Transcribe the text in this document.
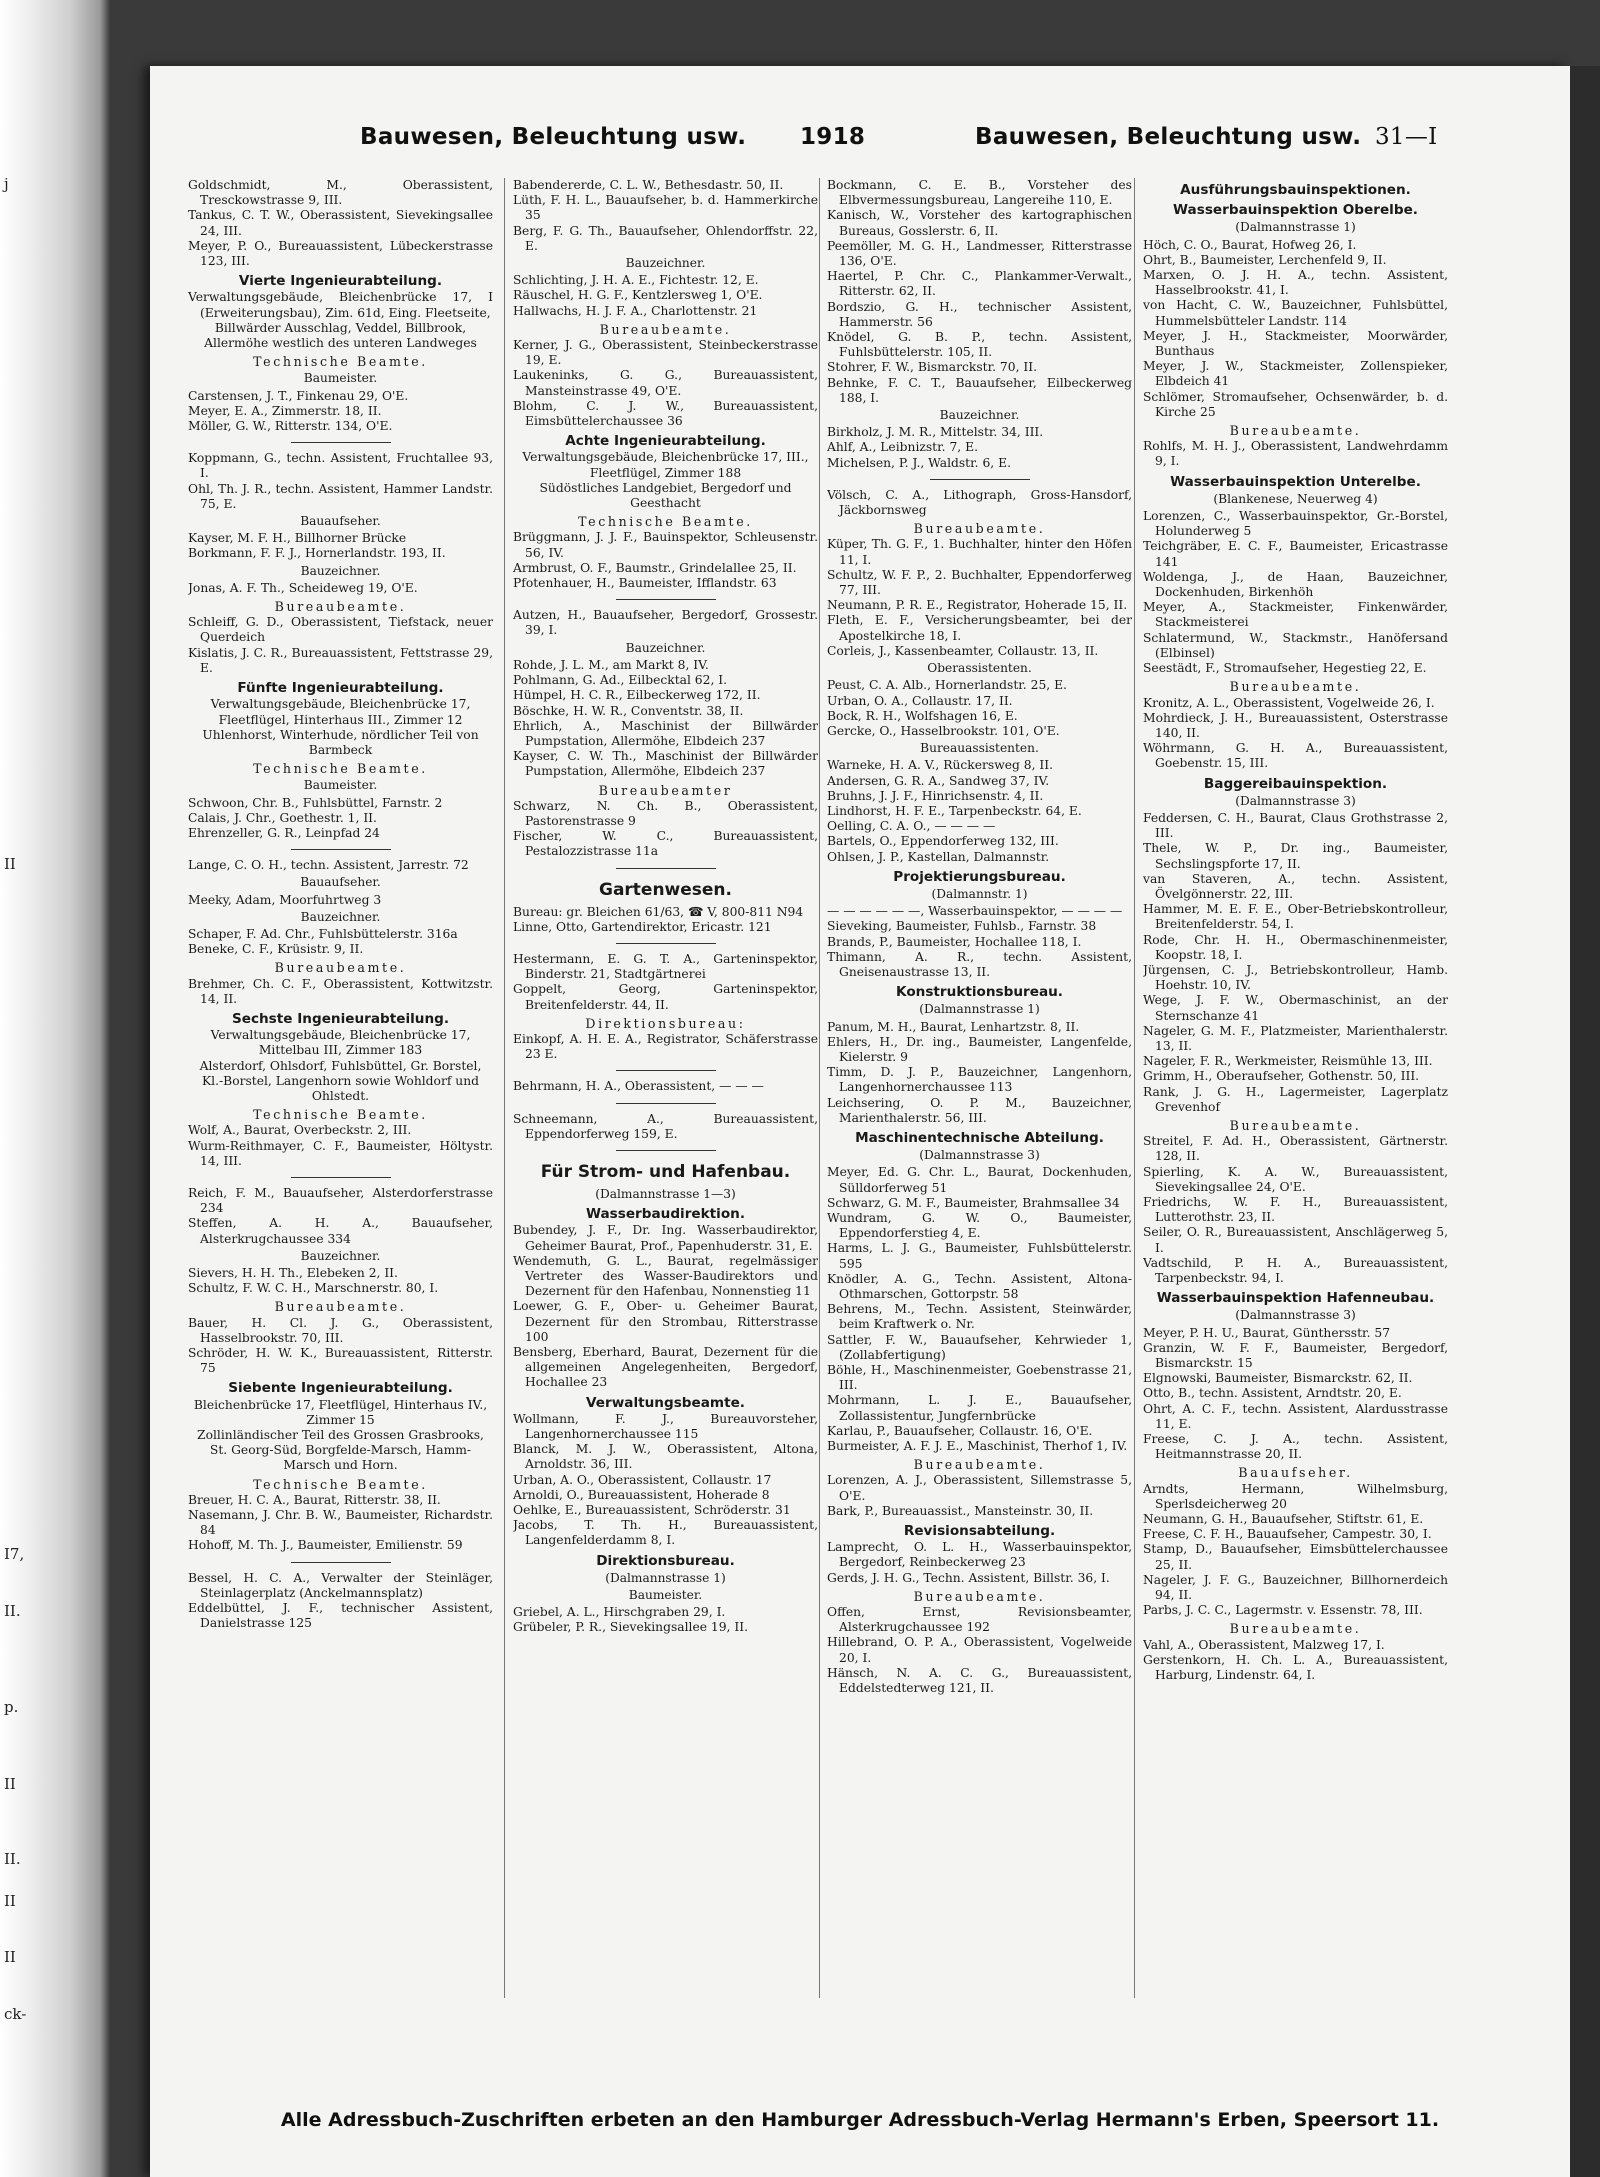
j
II
I7,
II.
p.
II
II.
II
II
ck-
Bauwesen, Beleuchtung usw. 1918	Bauwesen, Beleuchtung usw. 31—I
Goldschmidt, M., Oberassistent, Tresckowstrasse 9, III.
Tankus, C. T. W., Oberassistent, Sievekingsallee 24, III.
Meyer, P. O., Bureauassistent, Lübeckerstrasse 123, III.
Vierte Ingenieurabteilung.
Verwaltungsgebäude, Bleichenbrücke 17, I (Erweiterungsbau), Zim. 61d, Eing. Fleetseite,
Billwärder Ausschlag, Veddel, Billbrook, Allermöhe westlich des unteren Landweges
Technische Beamte.
Baumeister.
Carstensen, J. T., Finkenau 29, O'E.
Meyer, E. A., Zimmerstr. 18, II.
Möller, G. W., Ritterstr. 134, O'E.
Koppmann, G., techn. Assistent, Fruchtallee 93, I.
Ohl, Th. J. R., techn. Assistent, Hammer Landstr. 75, E.
Bauaufseher.
Kayser, M. F. H., Billhorner Brücke
Borkmann, F. F. J., Hornerlandstr. 193, II.
Bauzeichner.
Jonas, A. F. Th., Scheideweg 19, O'E.
Bureaubeamte.
Schleiff, G. D., Oberassistent, Tiefstack, neuer Querdeich
Kislatis, J. C. R., Bureauassistent, Fettstrasse 29, E.
Fünfte Ingenieurabteilung.
Verwaltungsgebäude, Bleichenbrücke 17, Fleetflügel, Hinterhaus III., Zimmer 12
Uhlenhorst, Winterhude, nördlicher Teil von Barmbeck
Technische Beamte.
Baumeister.
Schwoon, Chr. B., Fuhlsbüttel, Farnstr. 2
Calais, J. Chr., Goethestr. 1, II.
Ehrenzeller, G. R., Leinpfad 24
Lange, C. O. H., techn. Assistent, Jarrestr. 72
Bauaufseher.
Meeky, Adam, Moorfuhrtweg 3
Bauzeichner.
Schaper, F. Ad. Chr., Fuhlsbüttelerstr. 316a
Beneke, C. F., Krüsistr. 9, II.
Bureaubeamte.
Brehmer, Ch. C. F., Oberassistent, Kottwitzstr. 14, II.
Sechste Ingenieurabteilung.
Verwaltungsgebäude, Bleichenbrücke 17, Mittelbau III, Zimmer 183
Alsterdorf, Ohlsdorf, Fuhlsbüttel, Gr. Borstel, Kl.-Borstel, Langenhorn sowie Wohldorf und Ohlstedt.
Technische Beamte.
Wolf, A., Baurat, Overbeckstr. 2, III.
Wurm-Reithmayer, C. F., Baumeister, Höltystr. 14, III.
Reich, F. M., Bauaufseher, Alsterdorferstrasse 234
Steffen, A. H. A., Bauaufseher, Alsterkrugchaussee 334
Bauzeichner.
Sievers, H. H. Th., Elebeken 2, II.
Schultz, F. W. C. H., Marschnerstr. 80, I.
Bureaubeamte.
Bauer, H. Cl. J. G., Oberassistent, Hasselbrookstr. 70, III.
Schröder, H. W. K., Bureauassistent, Ritterstr. 75
Siebente Ingenieurabteilung.
Bleichenbrücke 17, Fleetflügel, Hinterhaus IV., Zimmer 15
Zollinländischer Teil des Grossen Grasbrooks, St. Georg-Süd, Borgfelde-Marsch, Hamm-Marsch und Horn.
Technische Beamte.
Breuer, H. C. A., Baurat, Ritterstr. 38, II.
Nasemann, J. Chr. B. W., Baumeister, Richardstr. 84
Hohoff, M. Th. J., Baumeister, Emilienstr. 59
Bessel, H. C. A., Verwalter der Steinläger, Steinlagerplatz (Anckelmannsplatz)
Eddelbüttel, J. F., technischer Assistent, Danielstrasse 125
Babendererde, C. L. W., Bethesdastr. 50, II.
Lüth, F. H. L., Bauaufseher, b. d. Hammerkirche 35
Berg, F. G. Th., Bauaufseher, Ohlendorffstr. 22, E.
Bauzeichner.
Schlichting, J. H. A. E., Fichtestr. 12, E.
Räuschel, H. G. F., Kentzlersweg 1, O'E.
Hallwachs, H. J. F. A., Charlottenstr. 21
Bureaubeamte.
Kerner, J. G., Oberassistent, Steinbeckerstrasse 19, E.
Laukeninks, G. G., Bureauassistent, Mansteinstrasse 49, O'E.
Blohm, C. J. W., Bureauassistent, Eimsbüttelerchaussee 36
Achte Ingenieurabteilung.
Verwaltungsgebäude, Bleichenbrücke 17, III., Fleetflügel, Zimmer 188
Südöstliches Landgebiet, Bergedorf und Geesthacht
Technische Beamte.
Brüggmann, J. J. F., Bauinspektor, Schleusenstr. 56, IV.
Armbrust, O. F., Baumstr., Grindelallee 25, II.
Pfotenhauer, H., Baumeister, Ifflandstr. 63
Autzen, H., Bauaufseher, Bergedorf, Grossestr. 39, I.
Bauzeichner.
Rohde, J. L. M., am Markt 8, IV.
Pohlmann, G. Ad., Eilbecktal 62, I.
Hümpel, H. C. R., Eilbeckerweg 172, II.
Böschke, H. W. R., Conventstr. 38, II.
Ehrlich, A., Maschinist der Billwärder Pumpstation, Allermöhe, Elbdeich 237
Kayser, C. W. Th., Maschinist der Billwärder Pumpstation, Allermöhe, Elbdeich 237
Bureaubeamter
Schwarz, N. Ch. B., Oberassistent, Pastorenstrasse 9
Fischer, W. C., Bureauassistent, Pestalozzistrasse 11a
Gartenwesen.
Bureau: gr. Bleichen 61/63, ☎ V, 800-811 N94
Linne, Otto, Gartendirektor, Ericastr. 121
Hestermann, E. G. T. A., Garteninspektor, Binderstr. 21, Stadtgärtnerei
Goppelt, Georg, Garteninspektor, Breitenfelderstr. 44, II.
Direktionsbureau:
Einkopf, A. H. E. A., Registrator, Schäferstrasse 23 E.
Behrmann, H. A., Oberassistent, — — —
Schneemann, A., Bureauassistent, Eppendorferweg 159, E.
Für Strom- und Hafenbau.
(Dalmannstrasse 1—3)
Wasserbaudirektion.
Bubendey, J. F., Dr. Ing. Wasserbaudirektor, Geheimer Baurat, Prof., Papenhuderstr. 31, E.
Wendemuth, G. L., Baurat, regelmässiger Vertreter des Wasser-Baudirektors und Dezernent für den Hafenbau, Nonnenstieg 11
Loewer, G. F., Ober- u. Geheimer Baurat, Dezernent für den Strombau, Ritterstrasse 100
Bensberg, Eberhard, Baurat, Dezernent für die allgemeinen Angelegenheiten, Bergedorf, Hochallee 23
Verwaltungsbeamte.
Wollmann, F. J., Bureauvorsteher, Langenhornerchaussee 115
Blanck, M. J. W., Oberassistent, Altona, Arnoldstr. 36, III.
Urban, A. O., Oberassistent, Collaustr. 17
Arnoldi, O., Bureauassistent, Hoherade 8
Oehlke, E., Bureauassistent, Schröderstr. 31
Jacobs, T. Th. H., Bureauassistent, Langenfelderdamm 8, I.
Direktionsbureau.
(Dalmannstrasse 1)
Baumeister.
Griebel, A. L., Hirschgraben 29, I.
Grübeler, P. R., Sievekingsallee 19, II.
Bockmann, C. E. B., Vorsteher des Elbvermessungsbureau, Langereihe 110, E.
Kanisch, W., Vorsteher des kartographischen Bureaus, Gosslerstr. 6, II.
Peemöller, M. G. H., Landmesser, Ritterstrasse 136, O'E.
Haertel, P. Chr. C., Plankammer-Verwalt., Ritterstr. 62, II.
Bordszio, G. H., technischer Assistent, Hammerstr. 56
Knödel, G. B. P., techn. Assistent, Fuhlsbüttelerstr. 105, II.
Stohrer, F. W., Bismarckstr. 70, II.
Behnke, F. C. T., Bauaufseher, Eilbeckerweg 188, I.
Bauzeichner.
Birkholz, J. M. R., Mittelstr. 34, III.
Ahlf, A., Leibnizstr. 7, E.
Michelsen, P. J., Waldstr. 6, E.
Völsch, C. A., Lithograph, Gross-Hansdorf, Jäckbornsweg
Bureaubeamte.
Küper, Th. G. F., 1. Buchhalter, hinter den Höfen 11, I.
Schultz, W. F. P., 2. Buchhalter, Eppendorferweg 77, III.
Neumann, P. R. E., Registrator, Hoherade 15, II.
Fleth, E. F., Versicherungsbeamter, bei der Apostelkirche 18, I.
Corleis, J., Kassenbeamter, Collaustr. 13, II.
Oberassistenten.
Peust, C. A. Alb., Hornerlandstr. 25, E.
Urban, O. A., Collaustr. 17, II.
Bock, R. H., Wolfshagen 16, E.
Gercke, O., Hasselbrookstr. 101, O'E.
Bureauassistenten.
Warneke, H. A. V., Rückersweg 8, II.
Andersen, G. R. A., Sandweg 37, IV.
Bruhns, J. J. F., Hinrichsenstr. 4, II.
Lindhorst, H. F. E., Tarpenbeckstr. 64, E.
Oelling, C. A. O., — — — —
Bartels, O., Eppendorferweg 132, III.
Ohlsen, J. P., Kastellan, Dalmannstr.
Projektierungsbureau.
(Dalmannstr. 1)
— — — — — —, Wasserbauinspektor, — — — —
Sieveking, Baumeister, Fuhlsb., Farnstr. 38
Brands, P., Baumeister, Hochallee 118, I.
Thimann, A. R., techn. Assistent, Gneisenaustrasse 13, II.
Konstruktionsbureau.
(Dalmannstrasse 1)
Panum, M. H., Baurat, Lenhartzstr. 8, II.
Ehlers, H., Dr. ing., Baumeister, Langenfelde, Kielerstr. 9
Timm, D. J. P., Bauzeichner, Langenhorn, Langenhornerchaussee 113
Leichsering, O. P. M., Bauzeichner, Marienthalerstr. 56, III.
Maschinentechnische Abteilung.
(Dalmannstrasse 3)
Meyer, Ed. G. Chr. L., Baurat, Dockenhuden, Sülldorferweg 51
Schwarz, G. M. F., Baumeister, Brahmsallee 34
Wundram, G. W. O., Baumeister, Eppendorferstieg 4, E.
Harms, L. J. G., Baumeister, Fuhlsbüttelerstr. 595
Knödler, A. G., Techn. Assistent, Altona-Othmarschen, Gottorpstr. 58
Behrens, M., Techn. Assistent, Steinwärder, beim Kraftwerk o. Nr.
Sattler, F. W., Bauaufseher, Kehrwieder 1, (Zollabfertigung)
Böhle, H., Maschinenmeister, Goebenstrasse 21, III.
Mohrmann, L. J. E., Bauaufseher, Zollassistentur, Jungfernbrücke
Karlau, P., Bauaufseher, Collaustr. 16, O'E.
Burmeister, A. F. J. E., Maschinist, Therhof 1, IV.
Bureaubeamte.
Lorenzen, A. J., Oberassistent, Sillemstrasse 5, O'E.
Bark, P., Bureauassist., Mansteinstr. 30, II.
Revisionsabteilung.
Lamprecht, O. L. H., Wasserbauinspektor, Bergedorf, Reinbeckerweg 23
Gerds, J. H. G., Techn. Assistent, Billstr. 36, I.
Bureaubeamte.
Offen, Ernst, Revisionsbeamter, Alsterkrugchaussee 192
Hillebrand, O. P. A., Oberassistent, Vogelweide 20, I.
Hänsch, N. A. C. G., Bureauassistent, Eddelstedterweg 121, II.
Ausführungsbauinspektionen.
Wasserbauinspektion Oberelbe.
(Dalmannstrasse 1)
Höch, C. O., Baurat, Hofweg 26, I.
Ohrt, B., Baumeister, Lerchenfeld 9, II.
Marxen, O. J. H. A., techn. Assistent, Hasselbrookstr. 41, I.
von Hacht, C. W., Bauzeichner, Fuhlsbüttel, Hummelsbütteler Landstr. 114
Meyer, J. H., Stackmeister, Moorwärder, Bunthaus
Meyer, J. W., Stackmeister, Zollenspieker, Elbdeich 41
Schlömer, Stromaufseher, Ochsenwärder, b. d. Kirche 25
Bureaubeamte.
Rohlfs, M. H. J., Oberassistent, Landwehrdamm 9, I.
Wasserbauinspektion Unterelbe.
(Blankenese, Neuerweg 4)
Lorenzen, C., Wasserbauinspektor, Gr.-Borstel, Holunderweg 5
Teichgräber, E. C. F., Baumeister, Ericastrasse 141
Woldenga, J., de Haan, Bauzeichner, Dockenhuden, Birkenhöh
Meyer, A., Stackmeister, Finkenwärder, Stackmeisterei
Schlatermund, W., Stackmstr., Hanöfersand (Elbinsel)
Seestädt, F., Stromaufseher, Hegestieg 22, E.
Bureaubeamte.
Kronitz, A. L., Oberassistent, Vogelweide 26, I.
Mohrdieck, J. H., Bureauassistent, Osterstrasse 140, II.
Wöhrmann, G. H. A., Bureauassistent, Goebenstr. 15, III.
Baggereibauinspektion.
(Dalmannstrasse 3)
Feddersen, C. H., Baurat, Claus Grothstrasse 2, III.
Thele, W. P., Dr. ing., Baumeister, Sechslingspforte 17, II.
van Staveren, A., techn. Assistent, Övelgönnerstr. 22, III.
Hammer, M. E. F. E., Ober-Betriebskontrolleur, Breitenfelderstr. 54, I.
Rode, Chr. H. H., Obermaschinenmeister, Koopstr. 18, I.
Jürgensen, C. J., Betriebskontrolleur, Hamb. Hoehstr. 10, IV.
Wege, J. F. W., Obermaschinist, an der Sternschanze 41
Nageler, G. M. F., Platzmeister, Marienthalerstr. 13, II.
Nageler, F. R., Werkmeister, Reismühle 13, III.
Grimm, H., Oberaufseher, Gothenstr. 50, III.
Rank, J. G. H., Lagermeister, Lagerplatz Grevenhof
Bureaubeamte.
Streitel, F. Ad. H., Oberassistent, Gärtnerstr. 128, II.
Spierling, K. A. W., Bureauassistent, Sievekingsallee 24, O'E.
Friedrichs, W. F. H., Bureauassistent, Lutterothstr. 23, II.
Seiler, O. R., Bureauassistent, Anschlägerweg 5, I.
Vadtschild, P. H. A., Bureauassistent, Tarpenbeckstr. 94, I.
Wasserbauinspektion Hafenneubau.
(Dalmannstrasse 3)
Meyer, P. H. U., Baurat, Günthersstr. 57
Granzin, W. F. F., Baumeister, Bergedorf, Bismarckstr. 15
Elgnowski, Baumeister, Bismarckstr. 62, II.
Otto, B., techn. Assistent, Arndtstr. 20, E.
Ohrt, A. C. F., techn. Assistent, Alardusstrasse 11, E.
Freese, C. J. A., techn. Assistent, Heitmannstrasse 20, II.
Bauaufseher.
Arndts, Hermann, Wilhelmsburg, Sperlsdeicherweg 20
Neumann, G. H., Bauaufseher, Stiftstr. 61, E.
Freese, C. F. H., Bauaufseher, Campestr. 30, I.
Stamp, D., Bauaufseher, Eimsbüttelerchaussee 25, II.
Nageler, J. F. G., Bauzeichner, Billhornerdeich 94, II.
Parbs, J. C. C., Lagermstr. v. Essenstr. 78, III.
Bureaubeamte.
Vahl, A., Oberassistent, Malzweg 17, I.
Gerstenkorn, H. Ch. L. A., Bureauassistent, Harburg, Lindenstr. 64, I.
Alle Adressbuch-Zuschriften erbeten an den Hamburger Adressbuch-Verlag Hermann's Erben, Speersort 11.
